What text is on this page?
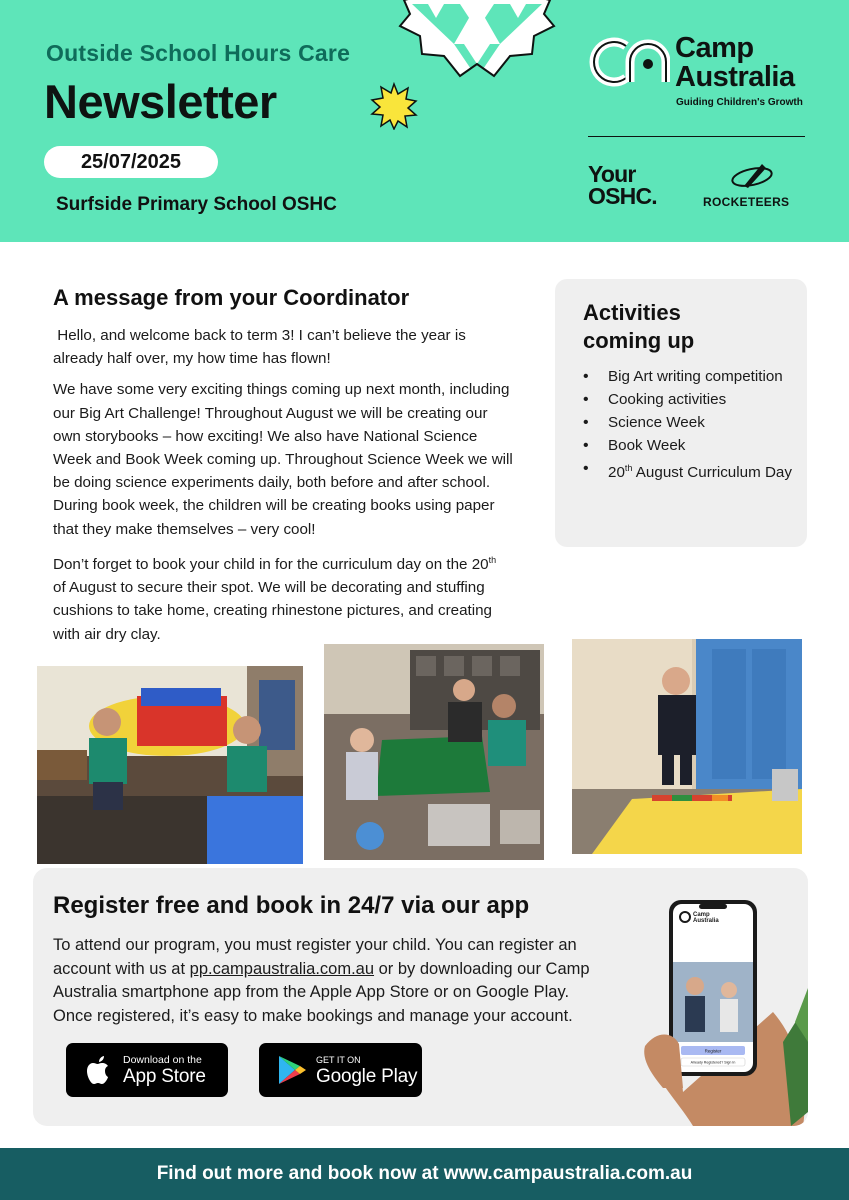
Outside School Hours Care
Newsletter
25/07/2025
Surfside Primary School OSHC
Camp
Australia
Guiding Children's Growth
Your OSHC.	ROCKETEERS
A message from your Coordinator

Hello, and welcome back to term 3! I can’t believe the year is already half over, my how time has flown!

We have some very exciting things coming up next month, including our Big Art Challenge! Throughout August we will be creating our own storybooks – how exciting! We also have National Science Week and Book Week coming up. Throughout Science Week we will be doing science experiments daily, both before and after school. During book week, the children will be creating books using paper that they make themselves – very cool!

Don’t forget to book your child in for the curriculum day on the 20th of August to secure their spot. We will be decorating and stuffing cushions to take home, creating rhinestone pictures, and creating with air dry clay.

Activities
coming up
• Big Art writing competition
• Cooking activities
• Science Week
• Book Week
• 20th August Curriculum Day
Register free and book in 24/7 via our app
To attend our program, you must register your child. You can register an account with us at pp.campaustralia.com.au or by downloading our Camp Australia smartphone app from the Apple App Store or on Google Play. Once registered, it’s easy to make bookings and manage your account.
Download on the
App Store
GET IT ON
Google Play
Camp
Australia
Register
Already Registered? Sign In
Find out more and book now at www.campaustralia.com.au
